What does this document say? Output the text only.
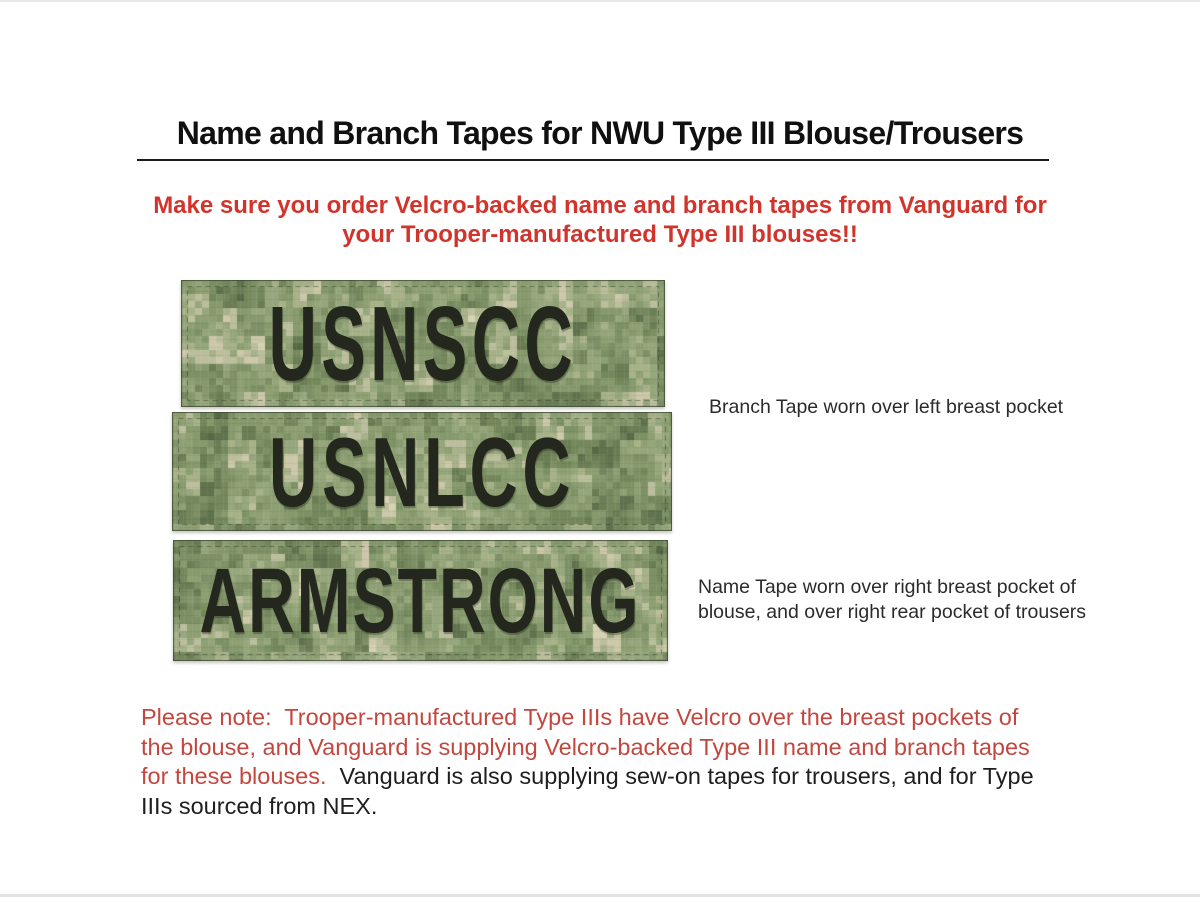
Name and Branch Tapes for NWU Type III Blouse/Trousers
Make sure you order Velcro-backed name and branch tapes from Vanguard for
your Trooper-manufactured Type III blouses!!
USNSCC
USNLCC
ARMSTRONG
Branch Tape worn over left breast pocket
Name Tape worn over right breast pocket of
blouse, and over right rear pocket of trousers
Please note:  Trooper-manufactured Type IIIs have Velcro over the breast pockets of
the blouse, and Vanguard is supplying Velcro-backed Type III name and branch tapes
for these blouses.  Vanguard is also supplying sew-on tapes for trousers, and for Type
IIIs sourced from NEX.
